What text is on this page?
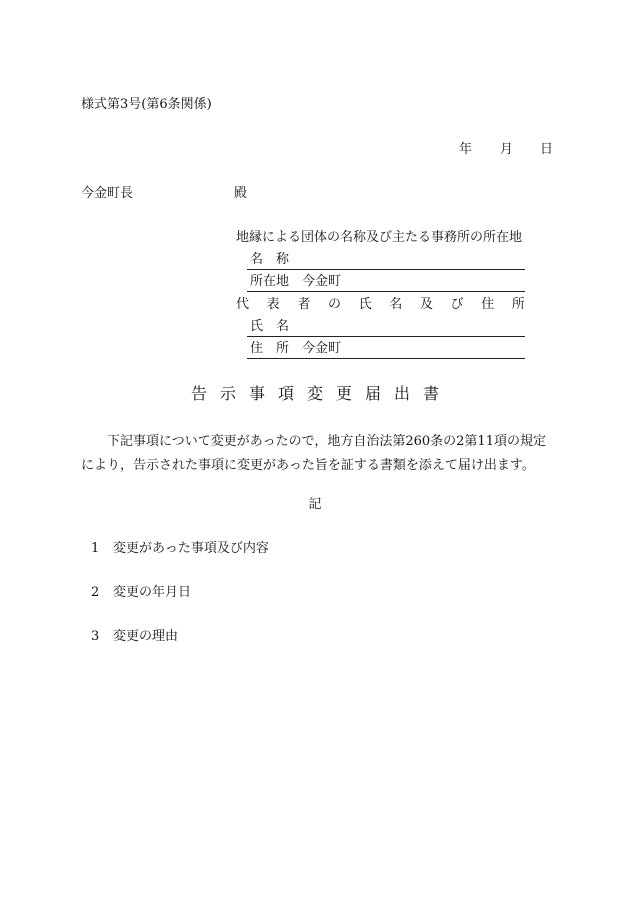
様式第3号(第6条関係)
年 月 日
今金町長	殿
地縁による団体の名称及び主たる事務所の所在地
名　称
所在地　今金町
代 表 者 の 氏 名 及 び 住 所
氏　名
住　所　今金町
告示事項変更届出書
下記事項について変更があったので，地方自治法第260条の2第11項の規定により，告示された事項に変更があった旨を証する書類を添えて届け出ます。
記
1 変更があった事項及び内容
2 変更の年月日
3 変更の理由
